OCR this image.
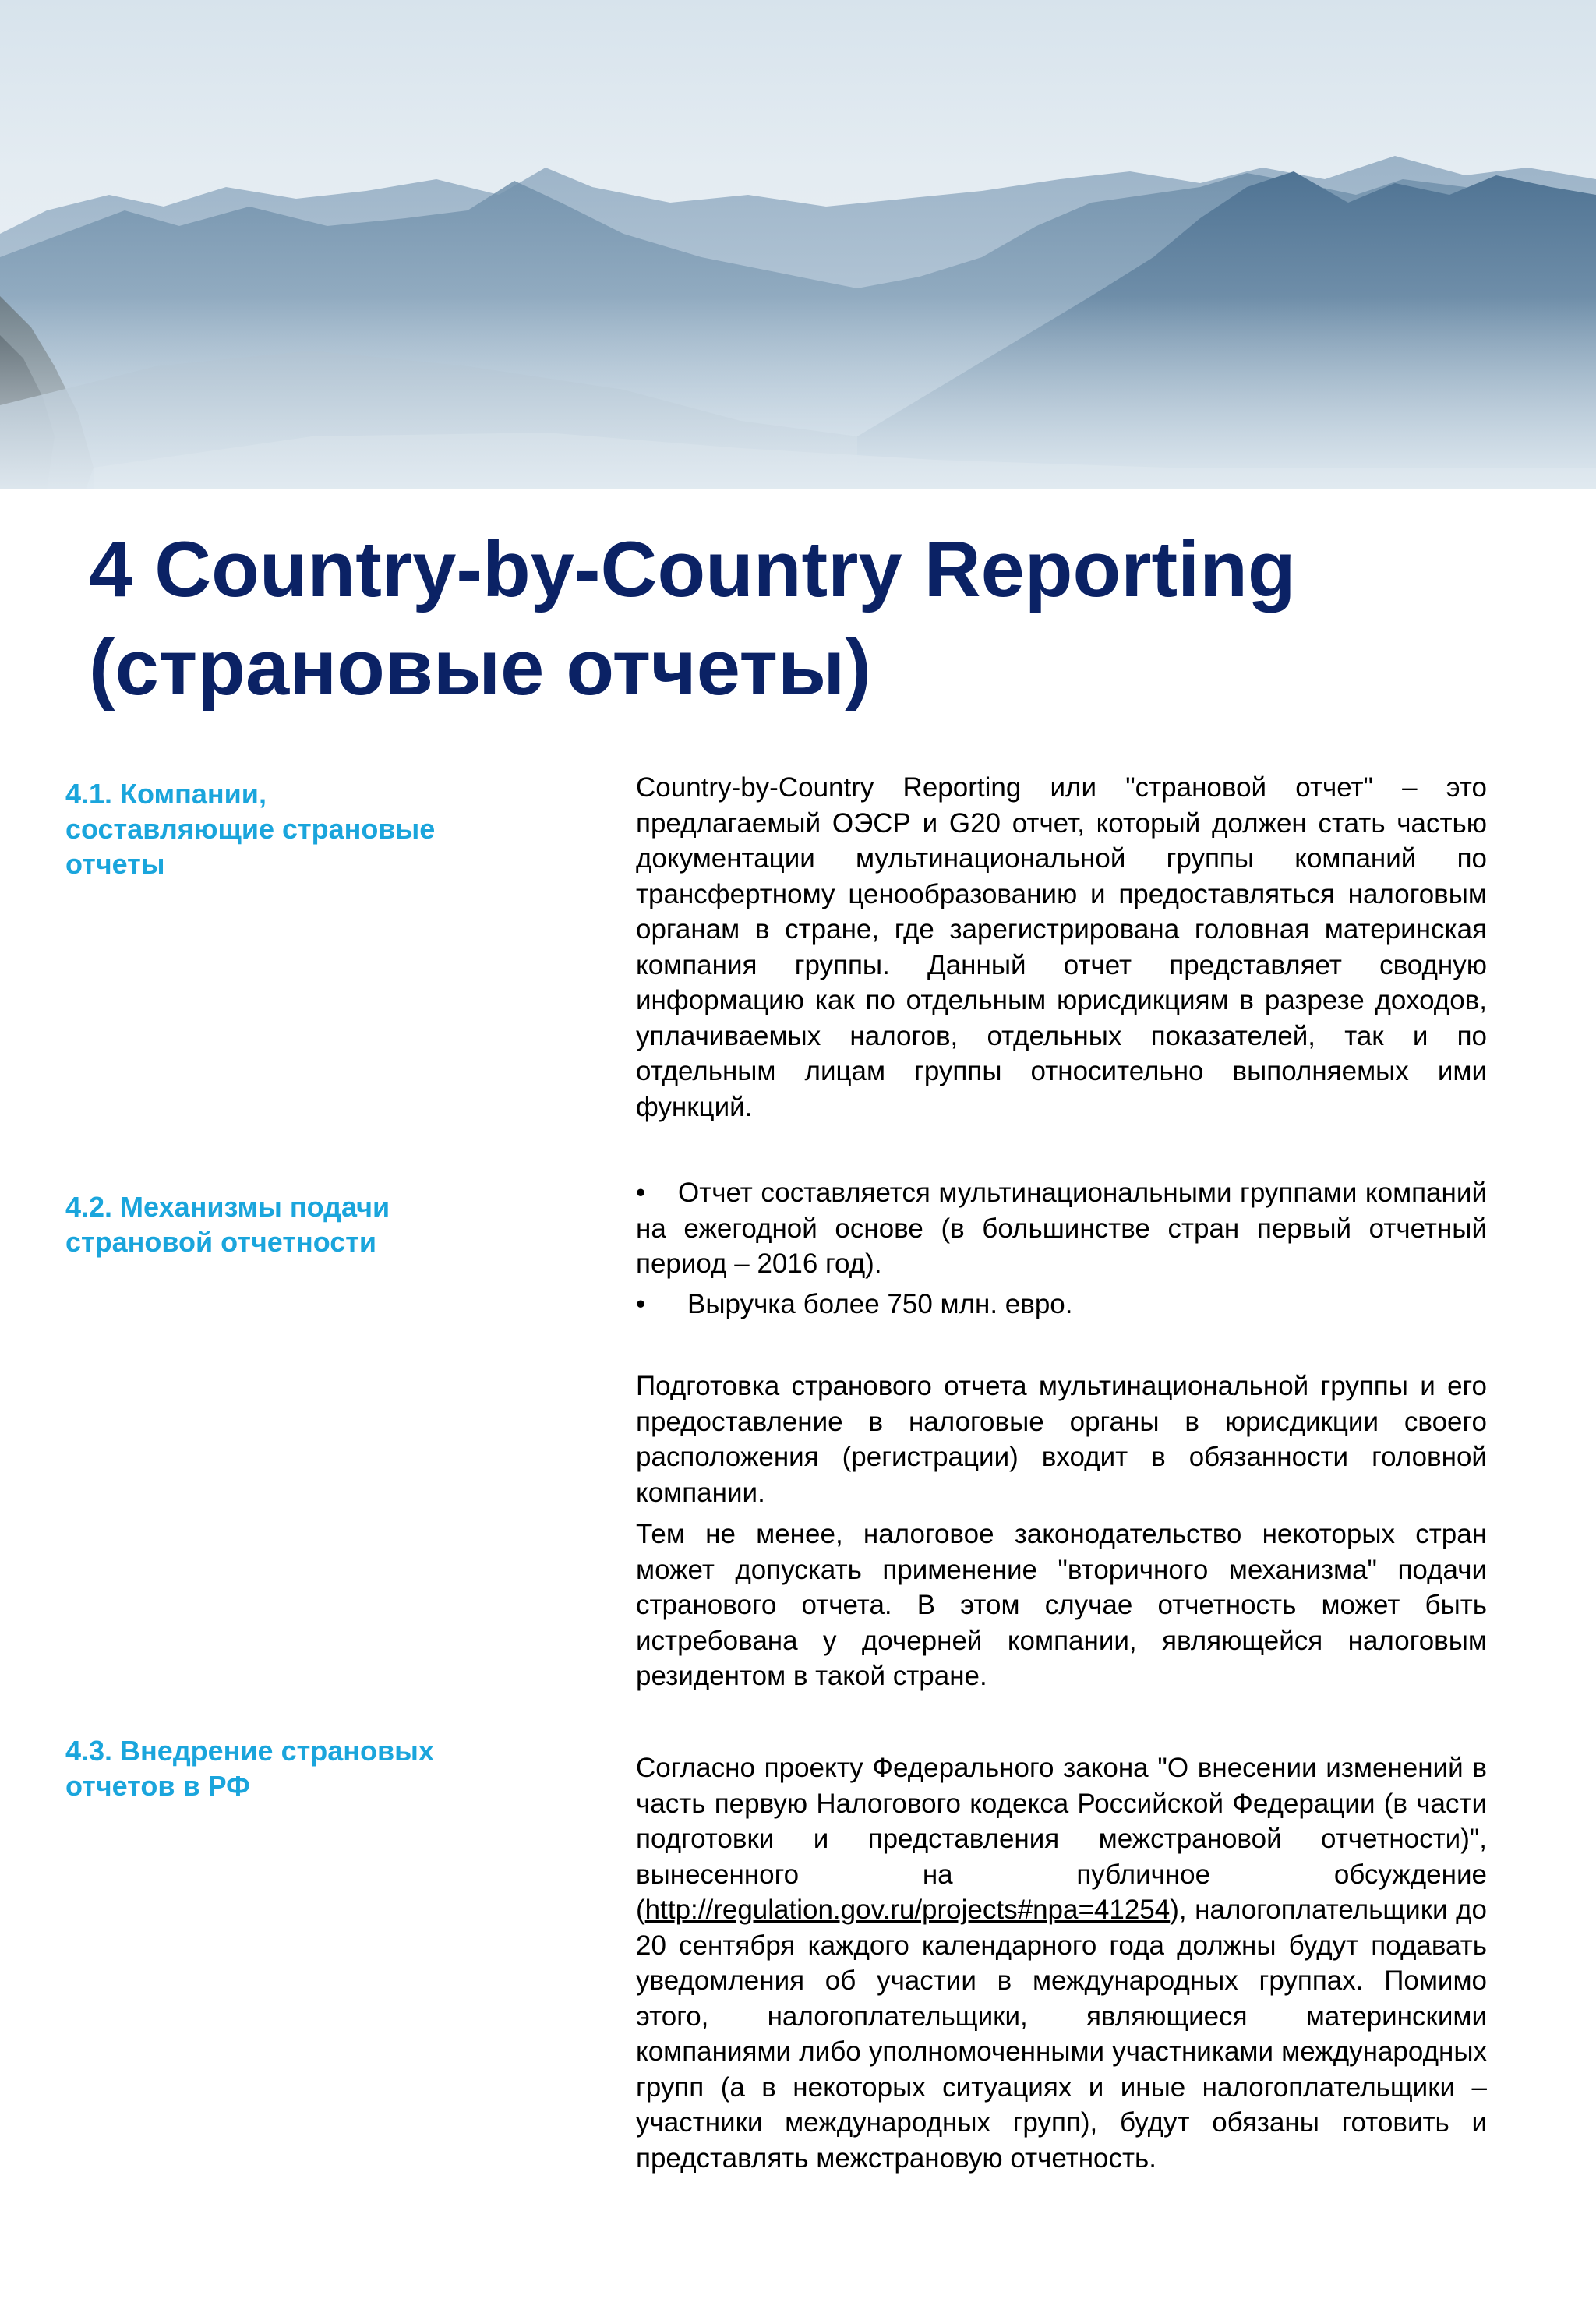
4 Country-by-Country Reporting
(страновые отчеты)
4.1. Компании,
составляющие страновые
отчеты

Country-by-Country Reporting или "страновой отчет" – это предлагаемый ОЭСР и G20 отчет, который должен стать частью документации мультинациональной группы компаний по трансфертному ценообразованию и предоставляться налоговым органам в стране, где зарегистрирована головная материнская компания группы. Данный отчет представляет сводную информацию как по отдельным юрисдикциям в разрезе доходов, уплачиваемых налогов, отдельных показателей, так и по отдельным лицам группы относительно выполняемых ими функций.

4.2. Механизмы подачи
страновой отчетности
•	Отчет составляется мультинациональными группами компаний на ежегодной основе (в большинстве стран первый отчетный период – 2016 год).
•	Выручка более 750 млн. евро.

Подготовка странового отчета мультинациональной группы и его предоставление в налоговые органы в юрисдикции своего расположения (регистрации) входит в обязанности головной компании.

Тем не менее, налоговое законодательство некоторых стран может допускать применение "вторичного механизма" подачи странового отчета. В этом случае отчетность может быть истребована у дочерней компании, являющейся налоговым резидентом в такой стране.

4.3. Внедрение страновых
отчетов в РФ

Согласно проекту Федерального закона "О внесении изменений в часть первую Налогового кодекса Российской Федерации (в части подготовки и представления межстрановой отчетности)", вынесенного на публичное обсуждение (http://regulation.gov.ru/projects#npa=41254), налогоплательщики до 20 сентября каждого календарного года должны будут подавать уведомления об участии в международных группах. Помимо этого, налогоплательщики, являющиеся материнскими компаниями либо уполномоченными участниками международных групп (а в некоторых ситуациях и иные налогоплательщики – участники международных групп), будут обязаны готовить и представлять межстрановую отчетность.
